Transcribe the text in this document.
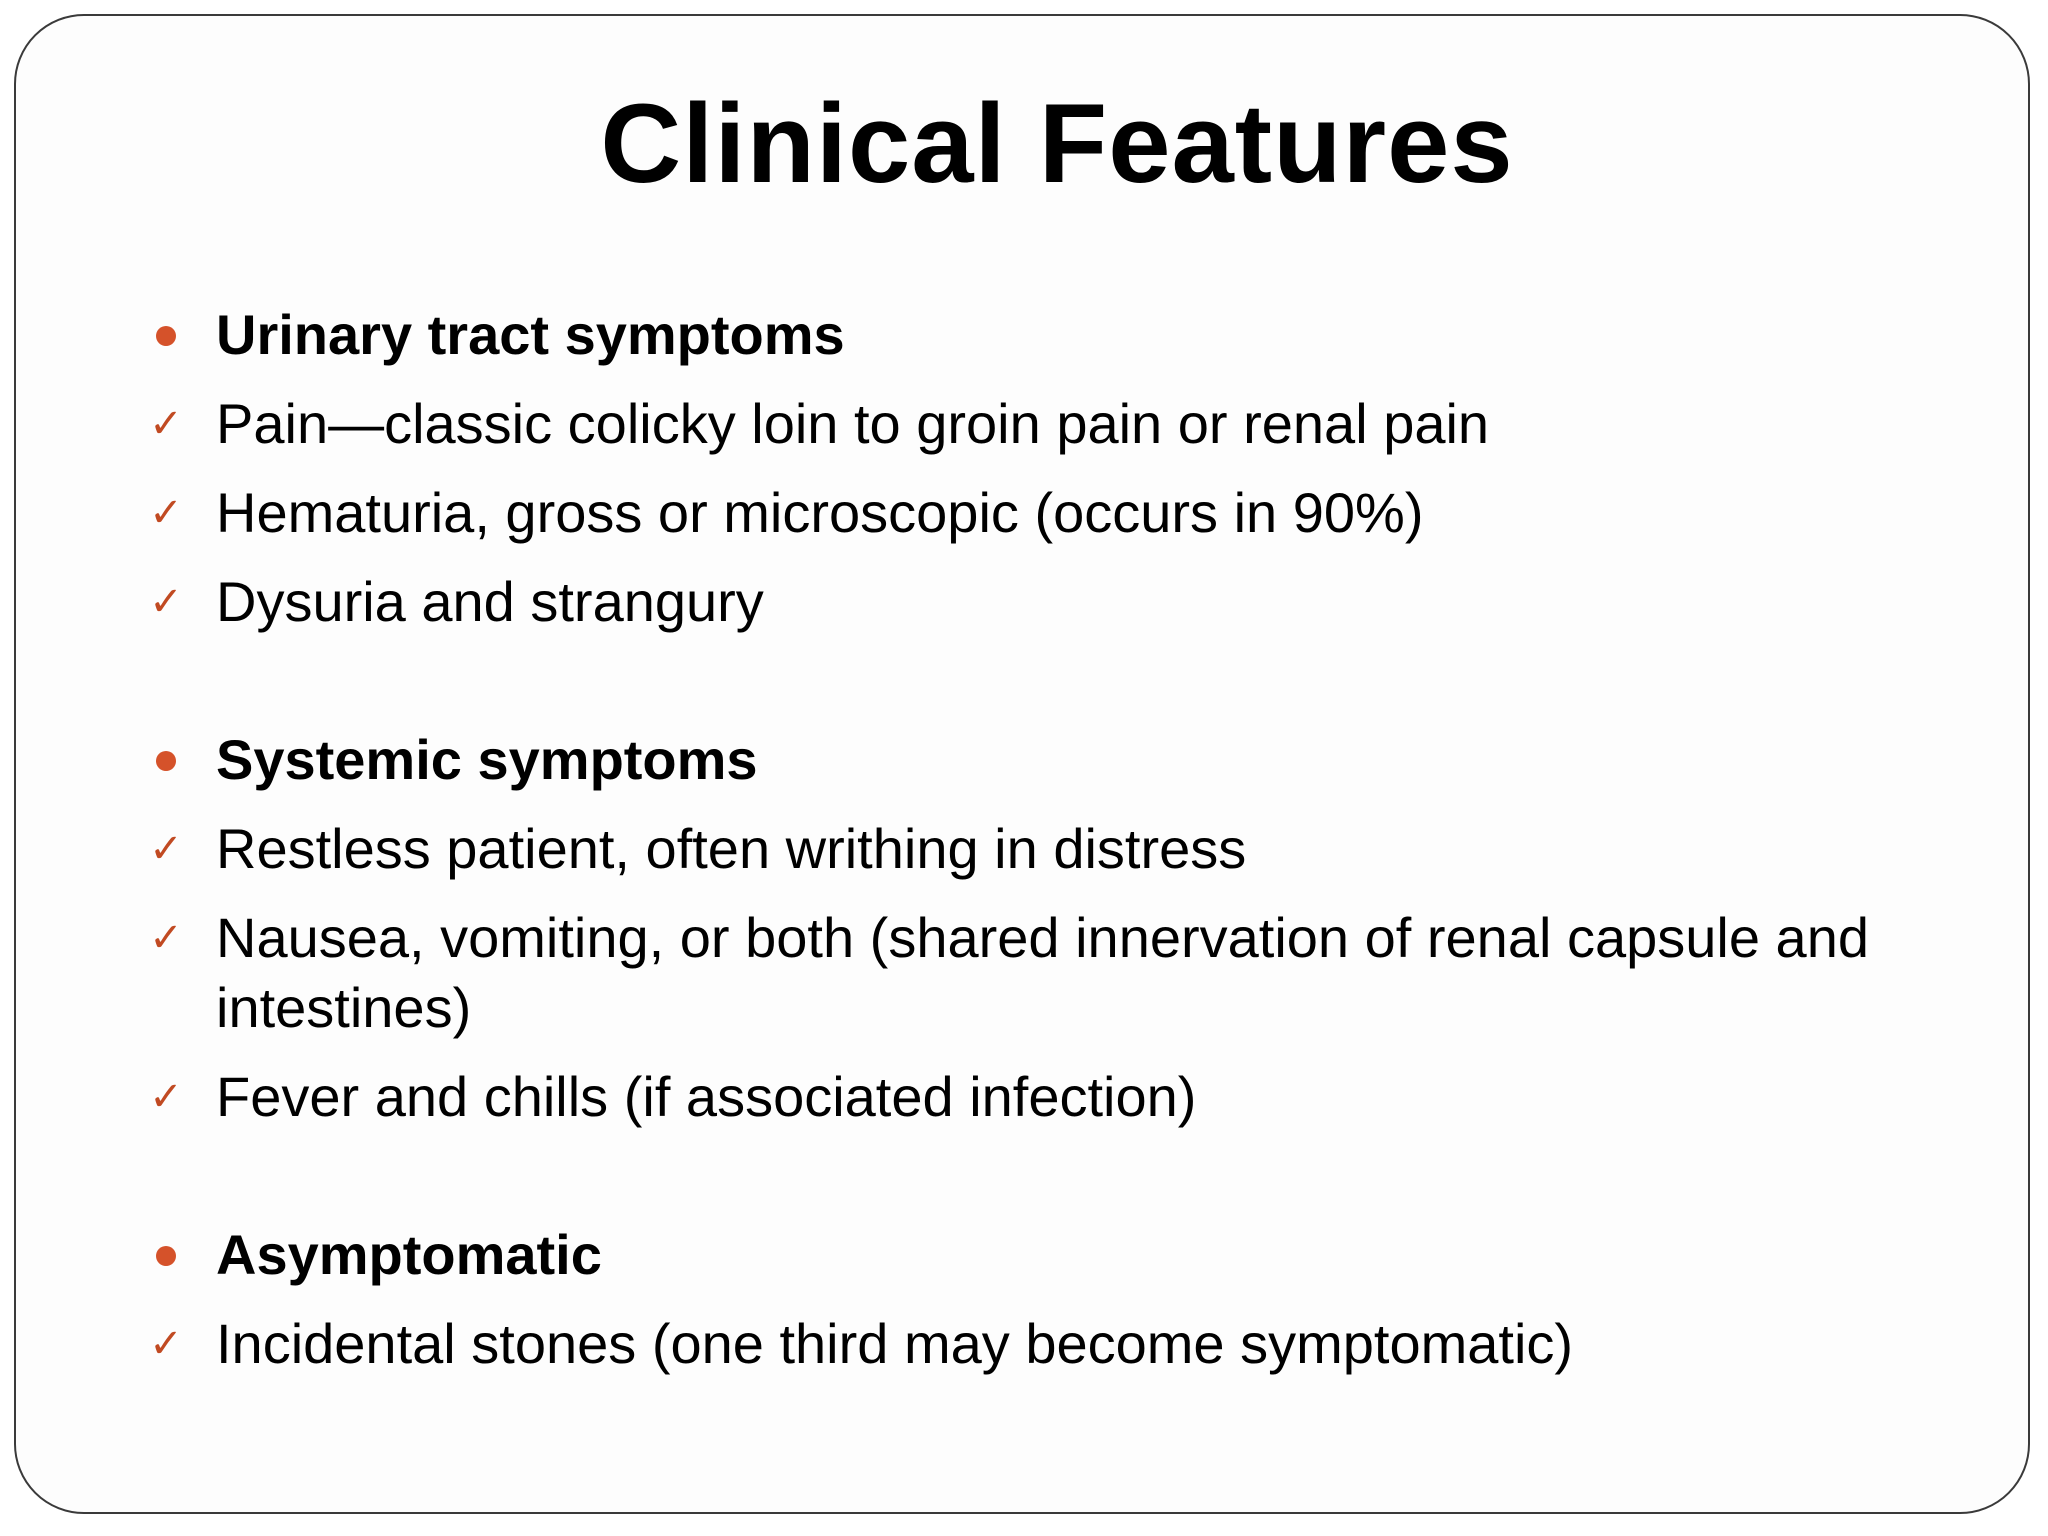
Clinical Features
Urinary tract symptoms
✓ Pain—classic colicky loin to groin pain or renal pain
✓ Hematuria, gross or microscopic (occurs in 90%)
✓ Dysuria and strangury
Systemic symptoms
✓ Restless patient, often writhing in distress
✓ Nausea, vomiting, or both (shared innervation of renal capsule and intestines)
✓ Fever and chills (if associated infection)
Asymptomatic
✓ Incidental stones (one third may become symptomatic)
